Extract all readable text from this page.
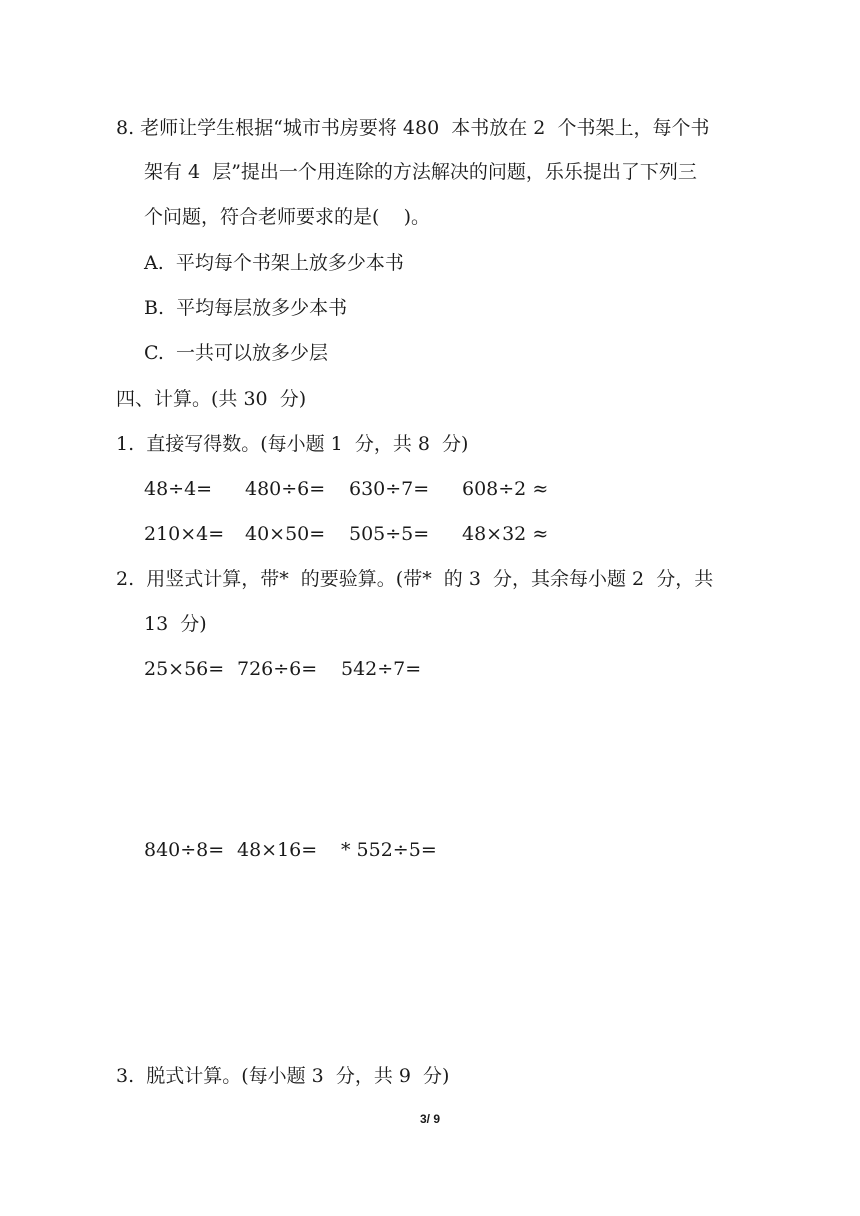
8. 老师让学生根据“城市书房要将 480  本书放在 2  个书架上，每个书
架有 4  层”提出一个用连除的方法解决的问题，乐乐提出了下列三
个问题，符合老师要求的是(    )。
A.  平均每个书架上放多少本书
B.  平均每层放多少本书
C.  一共可以放多少层
四、计算。(共 30  分)
1.  直接写得数。(每小题 1  分，共 8  分)
48÷4= 480÷6= 630÷7= 608÷2 ≈
210×4= 40×50= 505÷5= 48×32 ≈
2.  用竖式计算，带*  的要验算。(带*  的 3  分，其余每小题 2  分，共
13  分)
25×56= 726÷6= 542÷7=
840÷8= 48×16= * 552÷5=
3.  脱式计算。(每小题 3  分，共 9  分)
3/ 9
